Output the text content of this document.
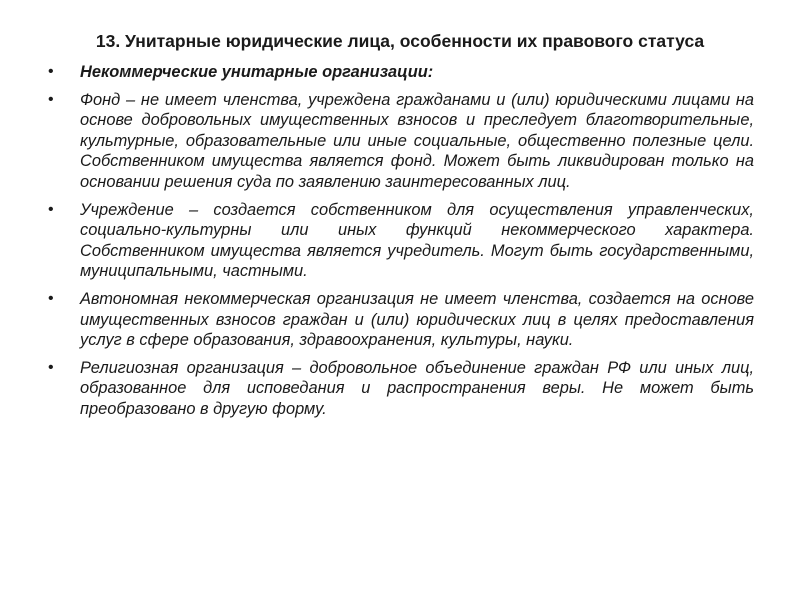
13. Унитарные юридические лица, особенности их правового статуса
• Некоммерческие унитарные организации:
• Фонд – не имеет членства, учреждена гражданами и (или) юридическими лицами на основе добровольных имущественных взносов и преследует благотворительные, культурные, образовательные или иные социальные, общественно полезные цели. Собственником имущества является фонд. Может быть ликвидирован только на основании решения суда по заявлению заинтересованных лиц.
• Учреждение – создается собственником для осуществления управленческих, социально-культурны или иных функций некоммерческого характера. Собственником имущества является учредитель. Могут быть государственными, муниципальными, частными.
• Автономная некоммерческая организация не имеет членства, создается на основе имущественных взносов граждан и (или) юридических лиц в целях предоставления услуг в сфере образования, здравоохранения, культуры, науки.
• Религиозная организация – добровольное объединение граждан РФ или иных лиц, образованное для исповедания и распространения веры. Не может быть преобразовано в другую форму.
